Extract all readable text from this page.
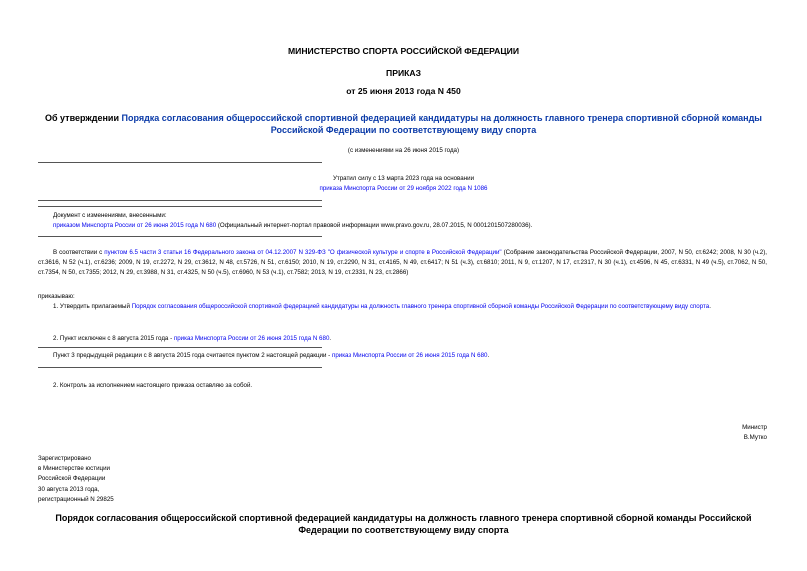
МИНИСТЕРСТВО СПОРТА РОССИЙСКОЙ ФЕДЕРАЦИИ
ПРИКАЗ
от 25 июня 2013 года N 450
Об утверждении Порядка согласования общероссийской спортивной федерацией кандидатуры на должность главного тренера спортивной сборной команды Российской Федерации по соответствующему виду спорта
(с изменениями на 26 июня 2015 года)
Утратил силу с 13 марта 2023 года на основании
приказа Минспорта России от 29 ноября 2022 года N 1086
Документ с изменениями, внесенными:
приказом Минспорта России от 26 июня 2015 года N 680 (Официальный интернет-портал правовой информации www.pravo.gov.ru, 28.07.2015, N 0001201507280036).
В соответствии с пунктом 6.5 части 3 статьи 16 Федерального закона от 04.12.2007 N 329-ФЗ "О физической культуре и спорте в Российской Федерации" (Собрание законодательства Российской Федерации, 2007, N 50, ст.6242; 2008, N 30 (ч.2), ст.3616, N 52 (ч.1), ст.6236; 2009, N 19, ст.2272, N 29, ст.3612, N 48, ст.5726, N 51, ст.6150; 2010, N 19, ст.2290, N 31, ст.4165, N 49, ст.6417; N 51 (ч.3), ст.6810; 2011, N 9, ст.1207, N 17, ст.2317, N 30 (ч.1), ст.4596, N 45, ст.6331, N 49 (ч.5), ст.7062, N 50, ст.7354, N 50, ст.7355; 2012, N 29, ст.3988, N 31, ст.4325, N 50 (ч.5), ст.6960, N 53 (ч.1), ст.7582; 2013, N 19, ст.2331, N 23, ст.2866)
приказываю:
1. Утвердить прилагаемый Порядок согласования общероссийской спортивной федерацией кандидатуры на должность главного тренера спортивной сборной команды Российской Федерации по соответствующему виду спорта.
2. Пункт исключен с 8 августа 2015 года - приказ Минспорта России от 26 июня 2015 года N 680.
Пункт 3 предыдущей редакции с 8 августа 2015 года считается пунктом 2 настоящей редакции - приказ Минспорта России от 26 июня 2015 года N 680.
2. Контроль за исполнением настоящего приказа оставляю за собой.
Министр
В.Мутко
Зарегистрировано
в Министерстве юстиции
Российской Федерации
30 августа 2013 года,
регистрационный N 29825
Порядок согласования общероссийской спортивной федерацией кандидатуры на должность главного тренера спортивной сборной команды Российской Федерации по соответствующему виду спорта
